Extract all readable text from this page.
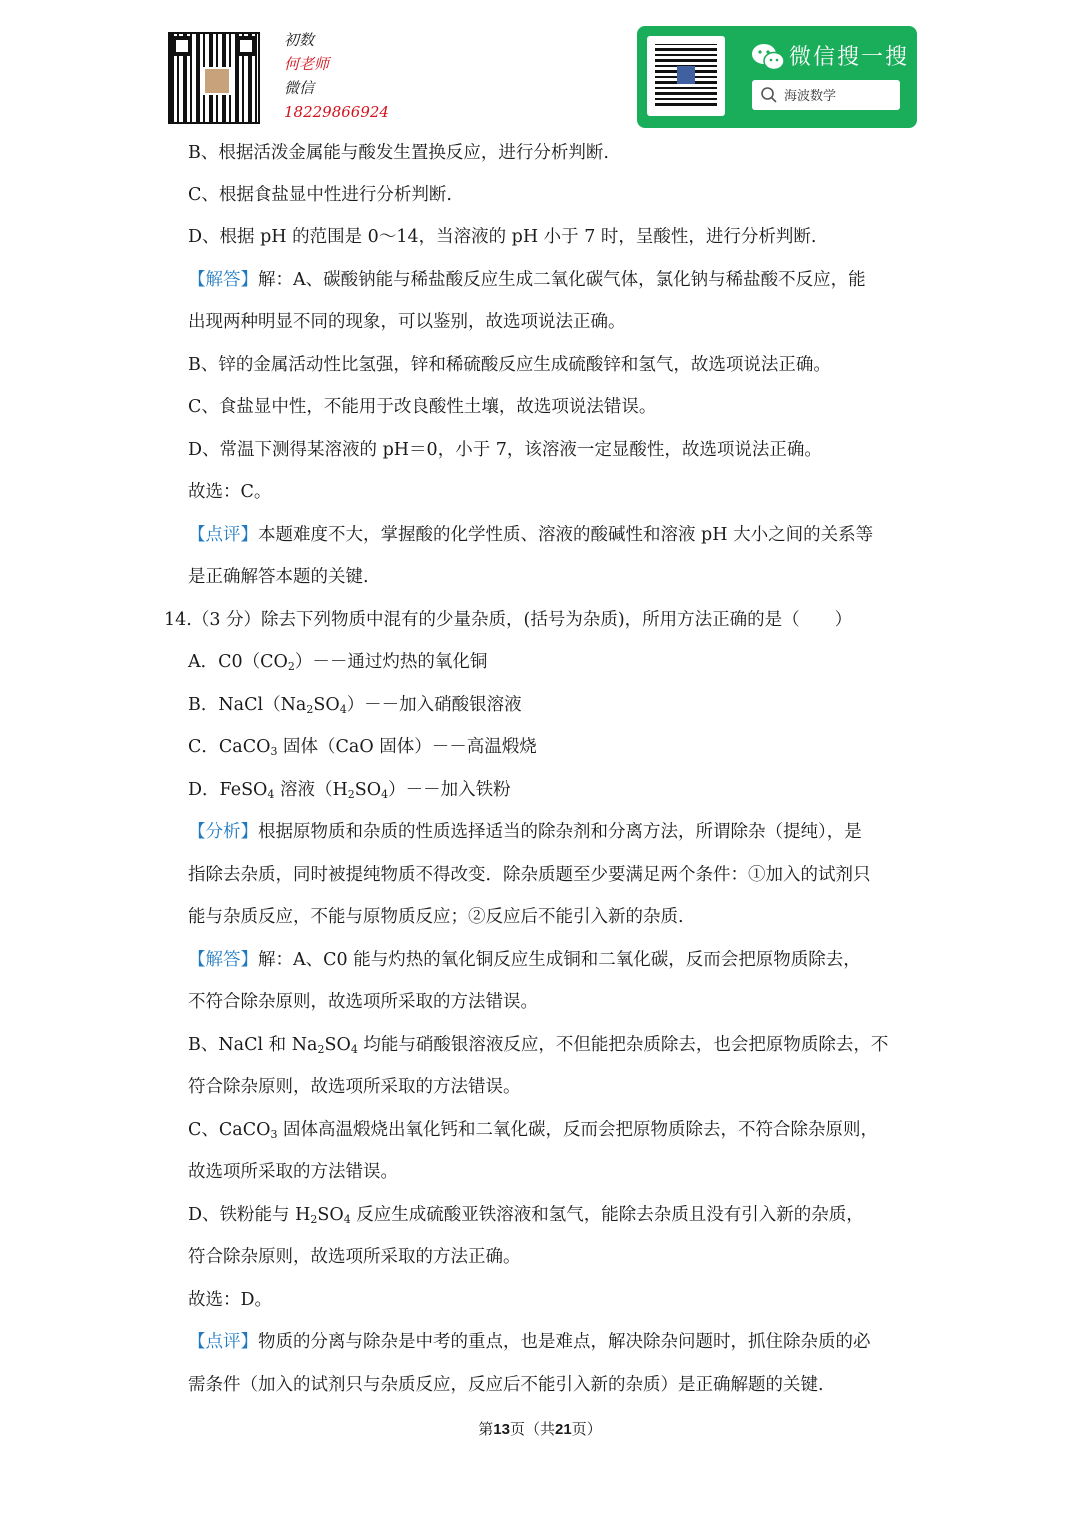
初数
何老师
微信
18229866924
微信搜一搜
海波数学
B、根据活泼金属能与酸发生置换反应，进行分析判断.
C、根据食盐显中性进行分析判断.
D、根据 pH 的范围是 0～14，当溶液的 pH 小于 7 时，呈酸性，进行分析判断.
【解答】解：A、碳酸钠能与稀盐酸反应生成二氧化碳气体，氯化钠与稀盐酸不反应，能
出现两种明显不同的现象，可以鉴别，故选项说法正确。
B、锌的金属活动性比氢强，锌和稀硫酸反应生成硫酸锌和氢气，故选项说法正确。
C、食盐显中性，不能用于改良酸性土壤，故选项说法错误。
D、常温下测得某溶液的 pH＝0，小于 7，该溶液一定显酸性，故选项说法正确。
故选：C。
【点评】本题难度不大，掌握酸的化学性质、溶液的酸碱性和溶液 pH 大小之间的关系等
是正确解答本题的关键.
14.（3 分）除去下列物质中混有的少量杂质，(括号为杂质)，所用方法正确的是（　　）
A．$C0(CO_2)--$通过灼热的氧化铜
B．$NaCl(Na_2SO_4)--$加入硝酸银溶液
C．CaCO$_3$ 固体（CaO 固体）－－高温煅烧
D．FeSO$_4$ 溶液$(H_2SO_4)--$加入铁粉
【分析】根据原物质和杂质的性质选择适当的除杂剂和分离方法，所谓除杂（提纯），是
指除去杂质，同时被提纯物质不得改变．除杂质题至少要满足两个条件：①加入的试剂只
能与杂质反应，不能与原物质反应；②反应后不能引入新的杂质.
【解答】解：A、C0 能与灼热的氧化铜反应生成铜和二氧化碳，反而会把原物质除去，
不符合除杂原则，故选项所采取的方法错误。
B、NaCl 和 $Na_2SO_4$ 均能与硝酸银溶液反应，不但能把杂质除去，也会把原物质除去，不
符合除杂原则，故选项所采取的方法错误。
C、CaCO$_3$ 固体高温煅烧出氧化钙和二氧化碳，反而会把原物质除去，不符合除杂原则，
故选项所采取的方法错误。
D、铁粉能与 $H_2SO_4$ 反应生成硫酸亚铁溶液和氢气，能除去杂质且没有引入新的杂质，
符合除杂原则，故选项所采取的方法正确。
故选：D。
【点评】物质的分离与除杂是中考的重点，也是难点，解决除杂问题时，抓住除杂质的必
需条件（加入的试剂只与杂质反应，反应后不能引入新的杂质）是正确解题的关键.
第13页（共21页）
